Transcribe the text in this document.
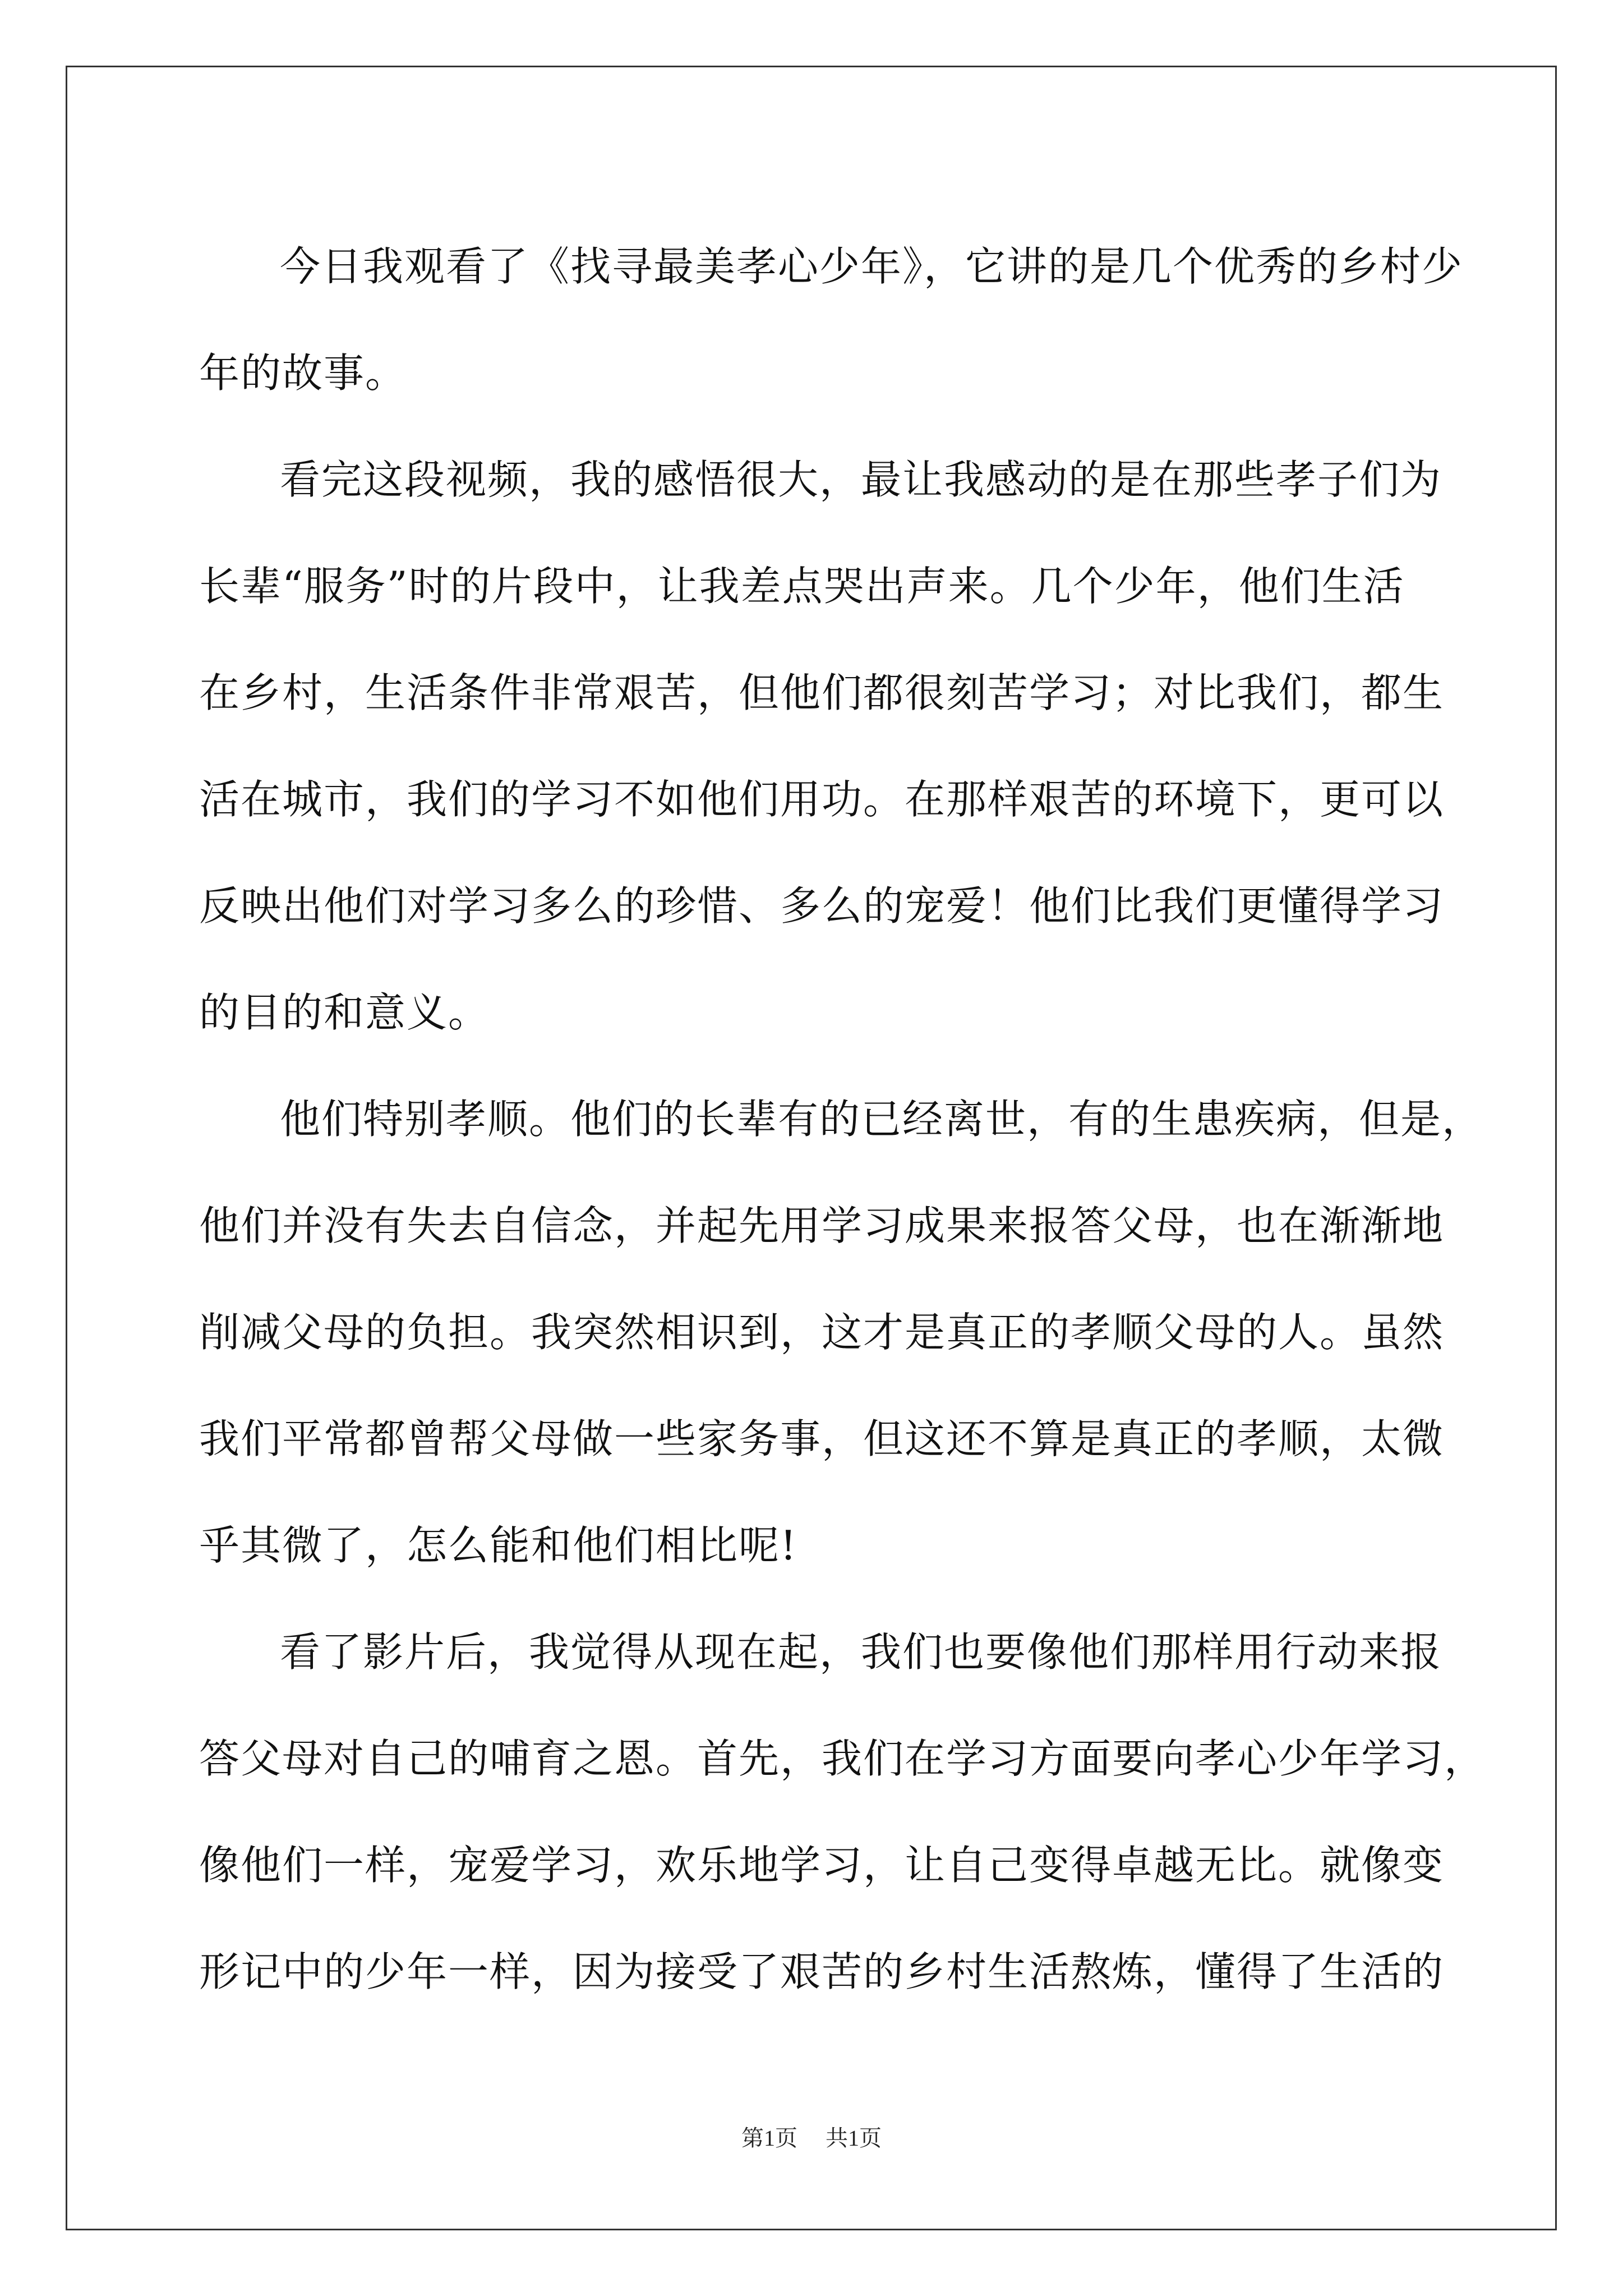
今日我观看了《找寻最美孝心少年》，它讲的是几个优秀的乡村少
年的故事。
看完这段视频，我的感悟很大，最让我感动的是在那些孝子们为
长辈“服务”时的片段中，让我差点哭出声来。几个少年，他们生活
在乡村，生活条件非常艰苦，但他们都很刻苦学习；对比我们，都生
活在城市，我们的学习不如他们用功。在那样艰苦的环境下，更可以
反映出他们对学习多么的珍惜、多么的宠爱！他们比我们更懂得学习
的目的和意义。
他们特别孝顺。他们的长辈有的已经离世，有的生患疾病，但是，
他们并没有失去自信念，并起先用学习成果来报答父母，也在渐渐地
削减父母的负担。我突然相识到，这才是真正的孝顺父母的人。虽然
我们平常都曾帮父母做一些家务事，但这还不算是真正的孝顺，太微
乎其微了，怎么能和他们相比呢!
看了影片后，我觉得从现在起，我们也要像他们那样用行动来报
答父母对自己的哺育之恩。首先，我们在学习方面要向孝心少年学习，
像他们一样，宠爱学习，欢乐地学习，让自己变得卓越无比。就像变
形记中的少年一样，因为接受了艰苦的乡村生活熬炼，懂得了生活的
第1页 共1页
